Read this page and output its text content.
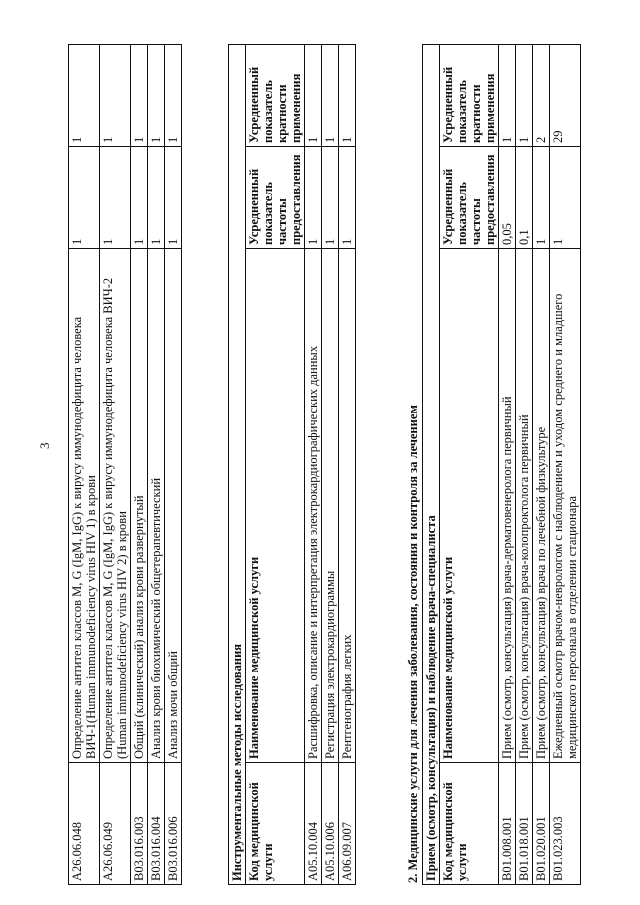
3
A26.06.048	Определение антител классов M, G (IgM, IgG) к вирусу иммунодефицита человека ВИЧ-1(Human immunodeficiency virus HIV 1) в крови	1	1
A26.06.049	Определение антител классов M, G (IgM, IgG) к вирусу иммунодефицита человека ВИЧ-2 (Human immunodeficiency virus HIV 2) в крови	1	1
B03.016.003	Общий (клинический) анализ крови развернутый	1	1
B03.016.004	Анализ крови биохимический общетерапевтический	1	1
B03.016.006	Анализ мочи общий	1	1
Инструментальные методы исследования			
Код медицинской услуги	Наименование медицинской услуги	Усредненный показатель частоты предоставления	Усредненный показатель кратности применения
A05.10.004	Расшифровка, описание и интерпретация электрокардиографических данных	1	1
A05.10.006	Регистрация электрокардиограммы	1	1
A06.09.007	Рентгенография легких	1	1
2. Медицинские услуги для лечения заболевания, состояния и контроля за лечением Прием (осмотр, консультация) и наблюдение врача-специалиста			
Код медицинской услуги	Наименование медицинской услуги	Усредненный показатель частоты предоставления	Усредненный показатель кратности применения
B01.008.001	Прием (осмотр, консультация) врача-дерматовенеролога первичный	0,05	1
B01.018.001	Прием (осмотр, консультация) врача-колопроктолога первичный	0,1	1
B01.020.001	Прием (осмотр, консультация) врача по лечебной физкультуре	1	2
B01.023.003	Ежедневный осмотр врачом-неврологом с наблюдением и уходом среднего и младшего медицинского персонала в отделении стационара	1	29
